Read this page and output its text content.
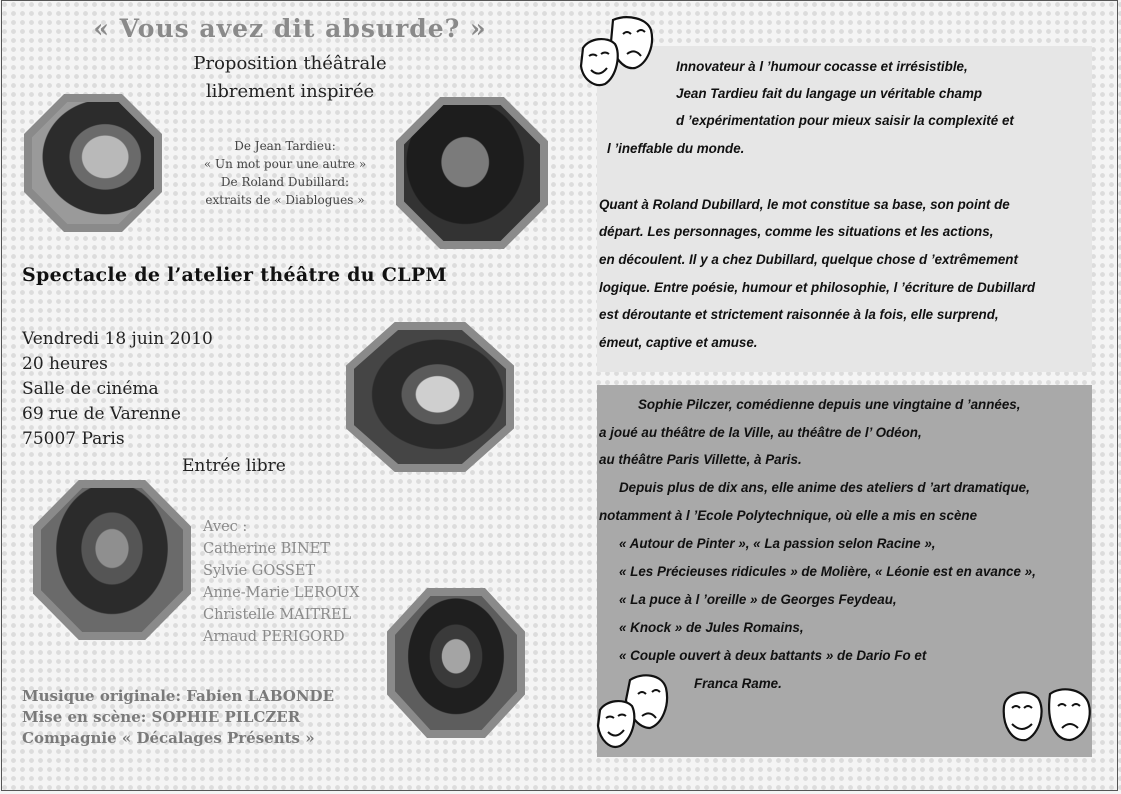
« Vous avez dit absurde? »
Proposition théâtrale
librement inspirée
De Jean Tardieu:
« Un mot pour une autre »
De Roland Dubillard:
extraits de « Diablogues »
Spectacle de l’atelier théâtre du CLPM
Vendredi 18 juin 2010
20 heures
Salle de cinéma
69 rue de Varenne
75007 Paris
Entrée libre
Avec :
Catherine BINET
Sylvie GOSSET
Anne-Marie LEROUX
Christelle MAITREL
Arnaud PERIGORD
Musique originale: Fabien LABONDE
Mise en scène: SOPHIE PILCZER
Compagnie « Décalages Présents »
Innovateur à l ’humour cocasse et irrésistible,
Jean Tardieu fait du langage un véritable champ
d ’expérimentation pour mieux saisir la complexité et
l ’ineffable du monde.
Quant à Roland Dubillard, le mot constitue sa base, son point de
départ. Les personnages, comme les situations et les actions,
en découlent. Il y a chez Dubillard, quelque chose d ’extrêmement
logique. Entre poésie, humour et philosophie, l ’écriture de Dubillard
est déroutante et strictement raisonnée à la fois, elle surprend,
émeut, captive et amuse.
Sophie Pilczer, comédienne depuis une vingtaine d ’années,
a joué au théâtre de la Ville, au théâtre de l’ Odéon,
au théâtre Paris Villette, à Paris.
Depuis plus de dix ans, elle anime des ateliers d ’art dramatique,
notamment à l ’Ecole Polytechnique, où elle a mis en scène
« Autour de Pinter », « La passion selon Racine »,
« Les Précieuses ridicules » de Molière, « Léonie est en avance »,
« La puce à l ’oreille » de Georges Feydeau,
« Knock » de Jules Romains,
« Couple ouvert à deux battants » de Dario Fo et
Franca Rame.
